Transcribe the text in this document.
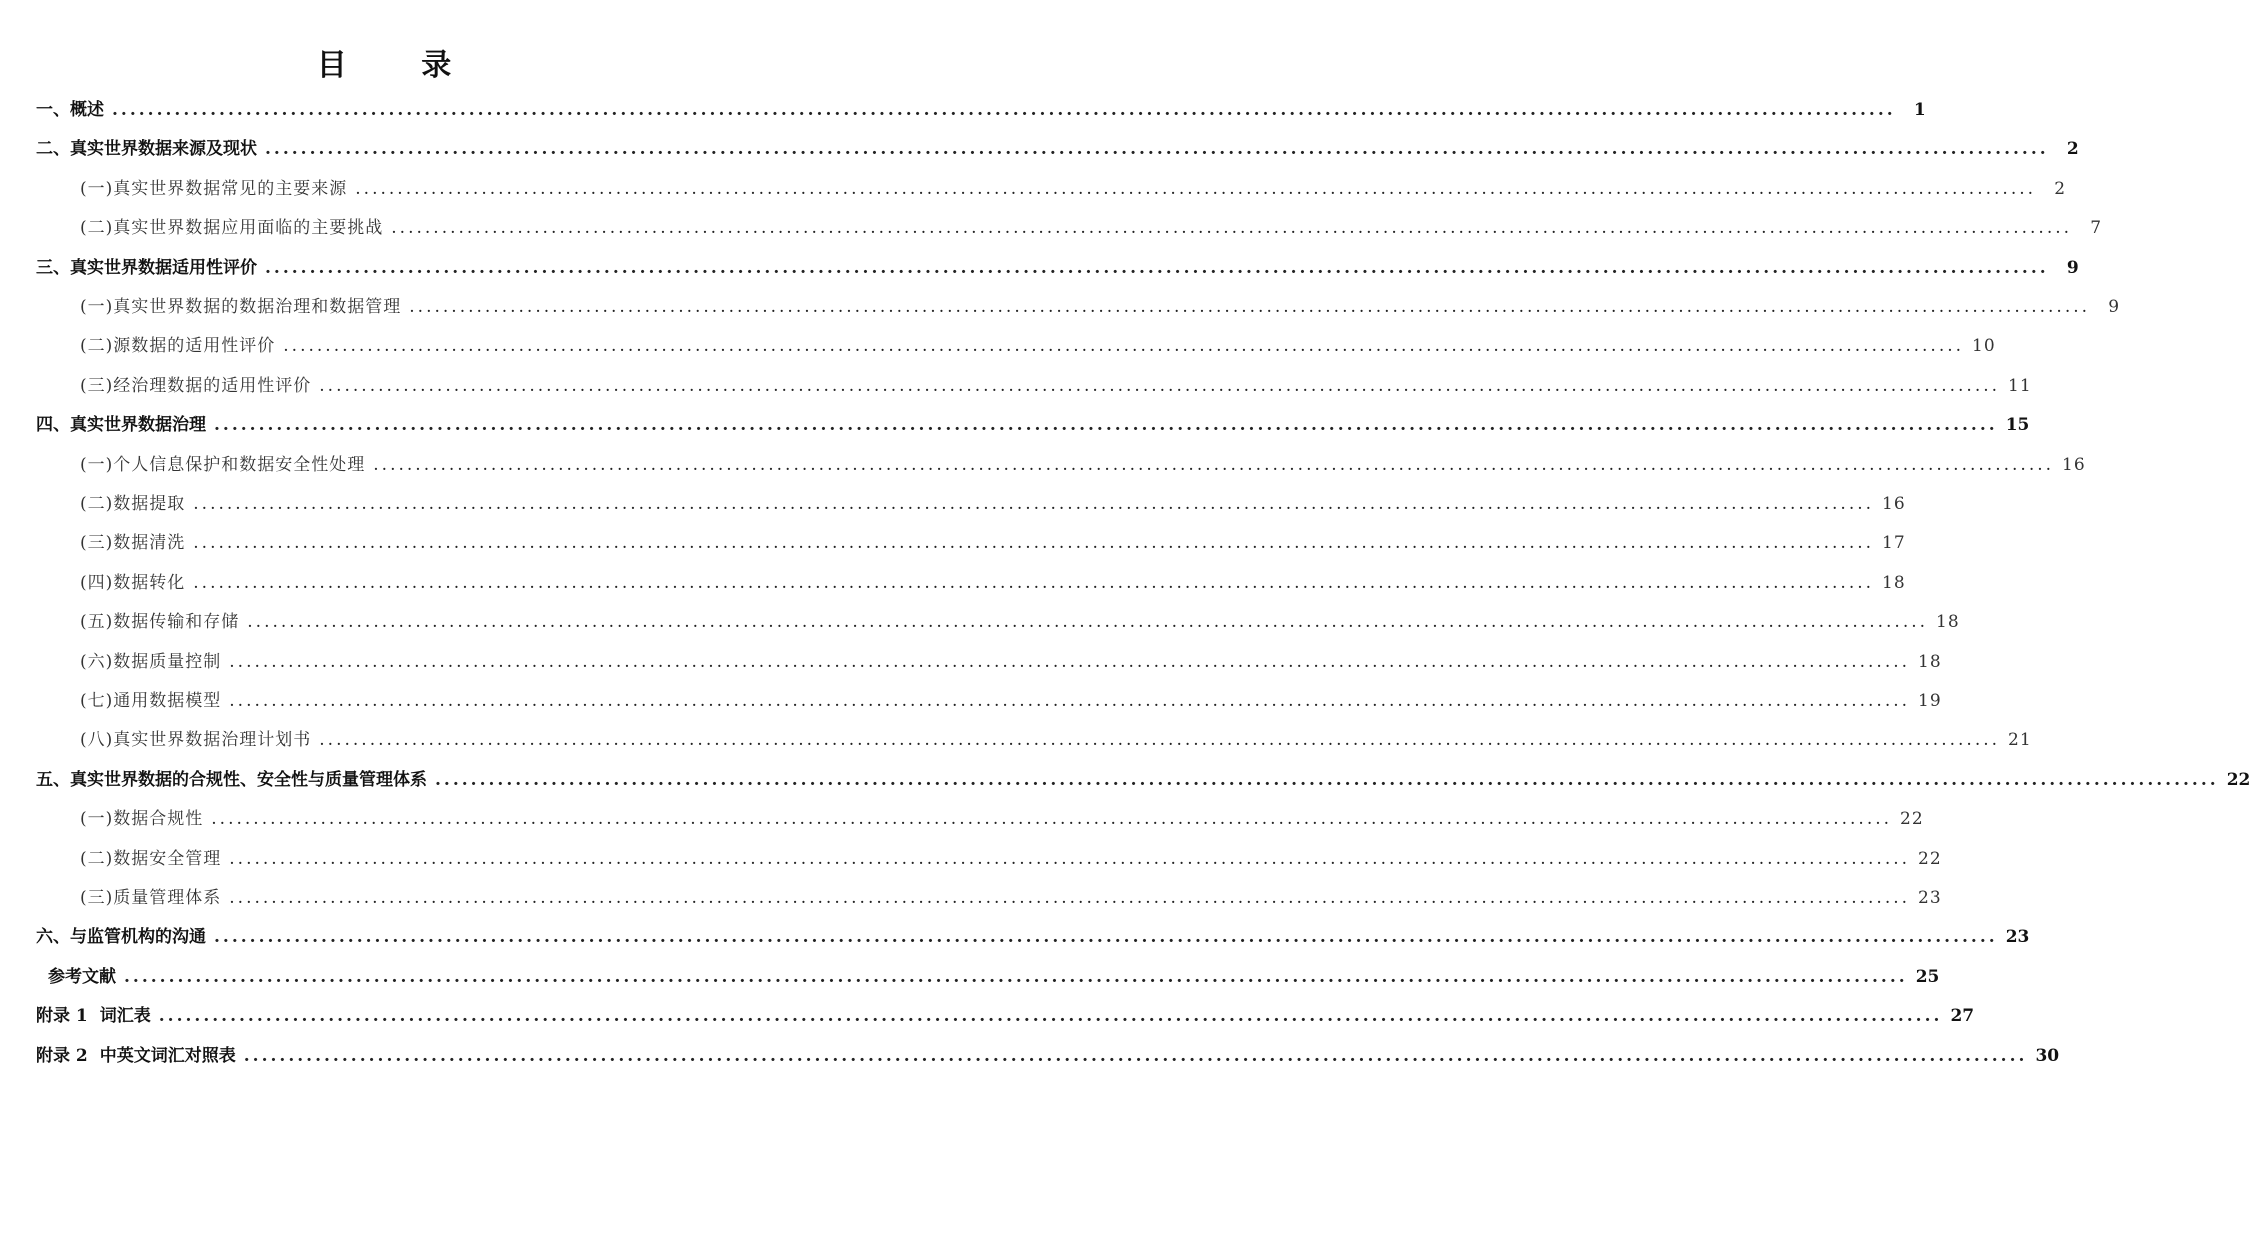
目 录
一、 概述 ........................................................................................................................................................................................................	1
二、 真实世界数据来源及现状 ........................................................................................................................................................................................................	2
(一) 真实世界数据常见的主要来源 ........................................................................................................................................................................................................	2
(二) 真实世界数据应用面临的主要挑战 ........................................................................................................................................................................................................	7
三、 真实世界数据适用性评价 ........................................................................................................................................................................................................	9
(一) 真实世界数据的数据治理和数据管理 ........................................................................................................................................................................................................	9
(二) 源数据的适用性评价 ........................................................................................................................................................................................................ 10
(三) 经治理数据的适用性评价 ........................................................................................................................................................................................................ 11
四、 真实世界数据治理 ........................................................................................................................................................................................................ 15
(一) 个人信息保护和数据安全性处理 ........................................................................................................................................................................................................ 16
(二) 数据提取 ........................................................................................................................................................................................................ 16
(三) 数据清洗 ........................................................................................................................................................................................................ 17
(四) 数据转化 ........................................................................................................................................................................................................ 18
(五) 数据传输和存储 ........................................................................................................................................................................................................ 18
(六) 数据质量控制 ........................................................................................................................................................................................................ 18
(七) 通用数据模型 ........................................................................................................................................................................................................ 19
(八) 真实世界数据治理计划书 ........................................................................................................................................................................................................ 21
五、 真实世界数据的合规性、安全性与质量管理体系 ........................................................................................................................................................................................................ 22
(一) 数据合规性 ........................................................................................................................................................................................................ 22
(二) 数据安全管理 ........................................................................................................................................................................................................ 22
(三) 质量管理体系 ........................................................................................................................................................................................................ 23
六、 与监管机构的沟通 ........................................................................................................................................................................................................ 23
参考文献 ........................................................................................................................................................................................................ 25
附录 1 词汇表 ........................................................................................................................................................................................................ 27
附录 2 中英文词汇对照表 ........................................................................................................................................................................................................ 30
